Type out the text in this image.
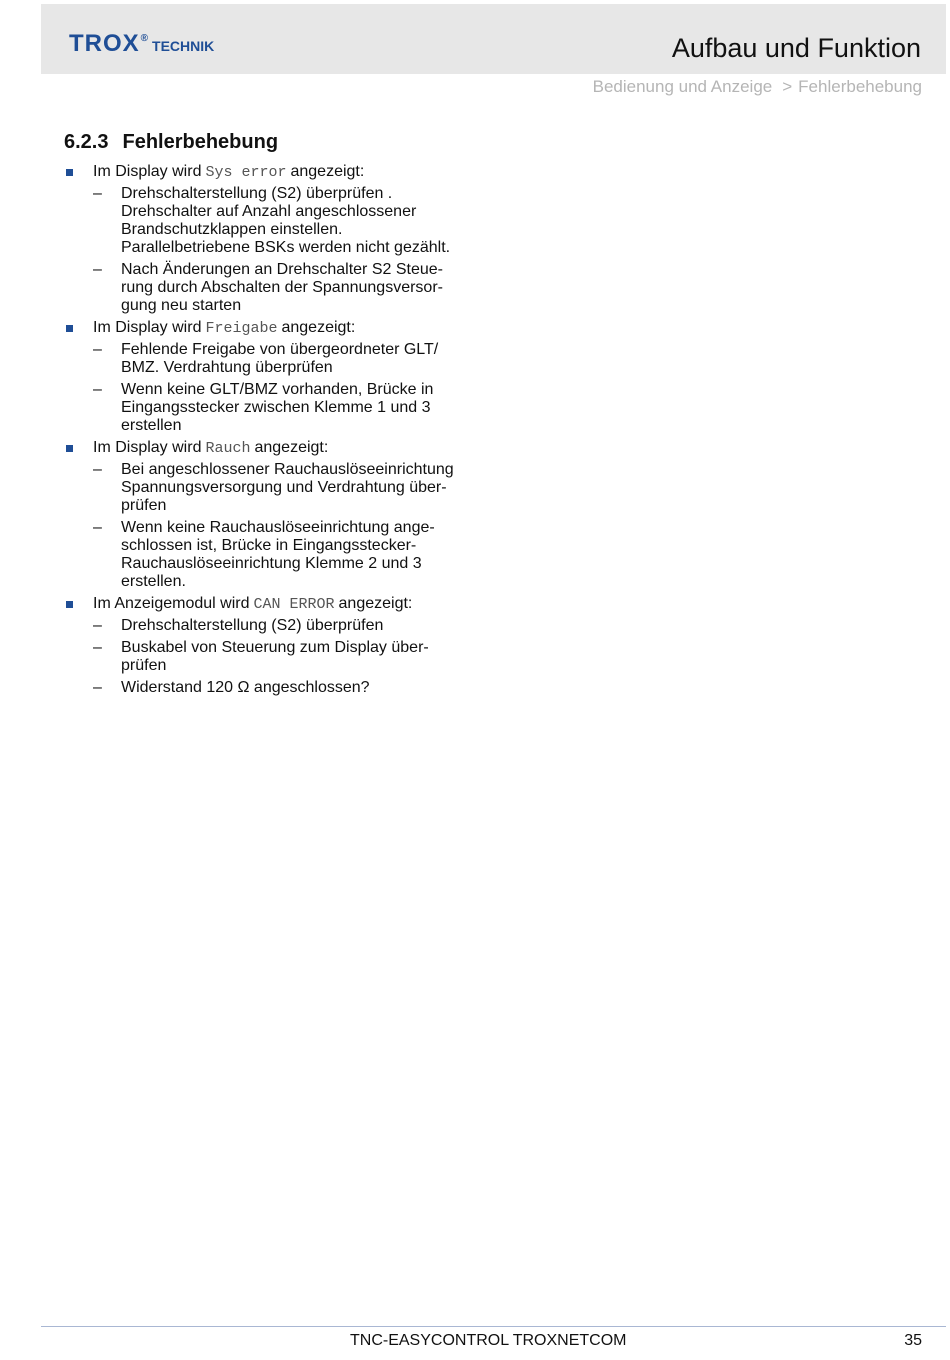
TROX ® TECHNIK	Aufbau und Funktion
Bedienung und Anzeige > Fehlerbehebung
6.2.3 Fehlerbehebung
Im Display wird Sys error angezeigt:
– Drehschalterstellung (S2) überprüfen .
Drehschalter auf Anzahl angeschlossener
Brandschutzklappen einstellen.
Parallelbetriebene BSKs werden nicht gezählt.
– Nach Änderungen an Drehschalter S2 Steue-
rung durch Abschalten der Spannungsversor-
gung neu starten
Im Display wird Freigabe angezeigt:
– Fehlende Freigabe von übergeordneter GLT/
BMZ. Verdrahtung überprüfen
– Wenn keine GLT/BMZ vorhanden, Brücke in
Eingangsstecker zwischen Klemme 1 und 3
erstellen
Im Display wird Rauch angezeigt:
– Bei angeschlossener Rauchauslöseeinrichtung
Spannungsversorgung und Verdrahtung über-
prüfen
– Wenn keine Rauchauslöseeinrichtung ange-
schlossen ist, Brücke in Eingangsstecker-
Rauchauslöseeinrichtung Klemme 2 und 3
erstellen.
Im Anzeigemodul wird CAN ERROR angezeigt:
– Drehschalterstellung (S2) überprüfen
– Buskabel von Steuerung zum Display über-
prüfen
– Widerstand 120 Ω angeschlossen?
TNC-EASYCONTROL TROXNETCOM	35
